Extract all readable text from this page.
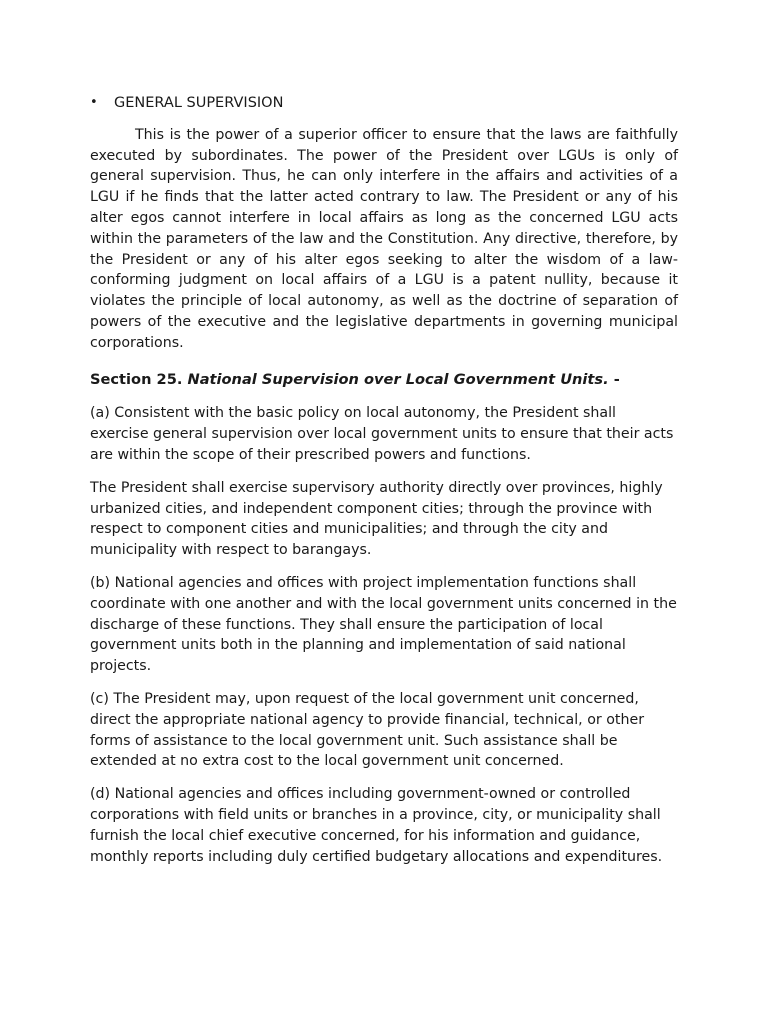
•	GENERAL SUPERVISION

This is the power of a superior officer to ensure that the laws are faithfully executed by subordinates. The power of the President over LGUs is only of general supervision. Thus, he can only interfere in the affairs and activities of a LGU if he finds that the latter acted contrary to law. The President or any of his alter egos cannot interfere in local affairs as long as the concerned LGU acts within the parameters of the law and the Constitution. Any directive, therefore, by the President or any of his alter egos seeking to alter the wisdom of a law-conforming judgment on local affairs of a LGU is a patent nullity, because it violates the principle of local autonomy, as well as the doctrine of separation of powers of the executive and the legislative departments in governing municipal corporations.

Section 25. National Supervision over Local Government Units. -

(a) Consistent with the basic policy on local autonomy, the President shall exercise general supervision over local government units to ensure that their acts are within the scope of their prescribed powers and functions.

The President shall exercise supervisory authority directly over provinces, highly urbanized cities, and independent component cities; through the province with respect to component cities and municipalities; and through the city and municipality with respect to barangays.

(b) National agencies and offices with project implementation functions shall coordinate with one another and with the local government units concerned in the discharge of these functions. They shall ensure the participation of local government units both in the planning and implementation of said national projects.

(c) The President may, upon request of the local government unit concerned, direct the appropriate national agency to provide financial, technical, or other forms of assistance to the local government unit. Such assistance shall be extended at no extra cost to the local government unit concerned.

(d) National agencies and offices including government-owned or controlled corporations with field units or branches in a province, city, or municipality shall furnish the local chief executive concerned, for his information and guidance, monthly reports including duly certified budgetary allocations and expenditures.
